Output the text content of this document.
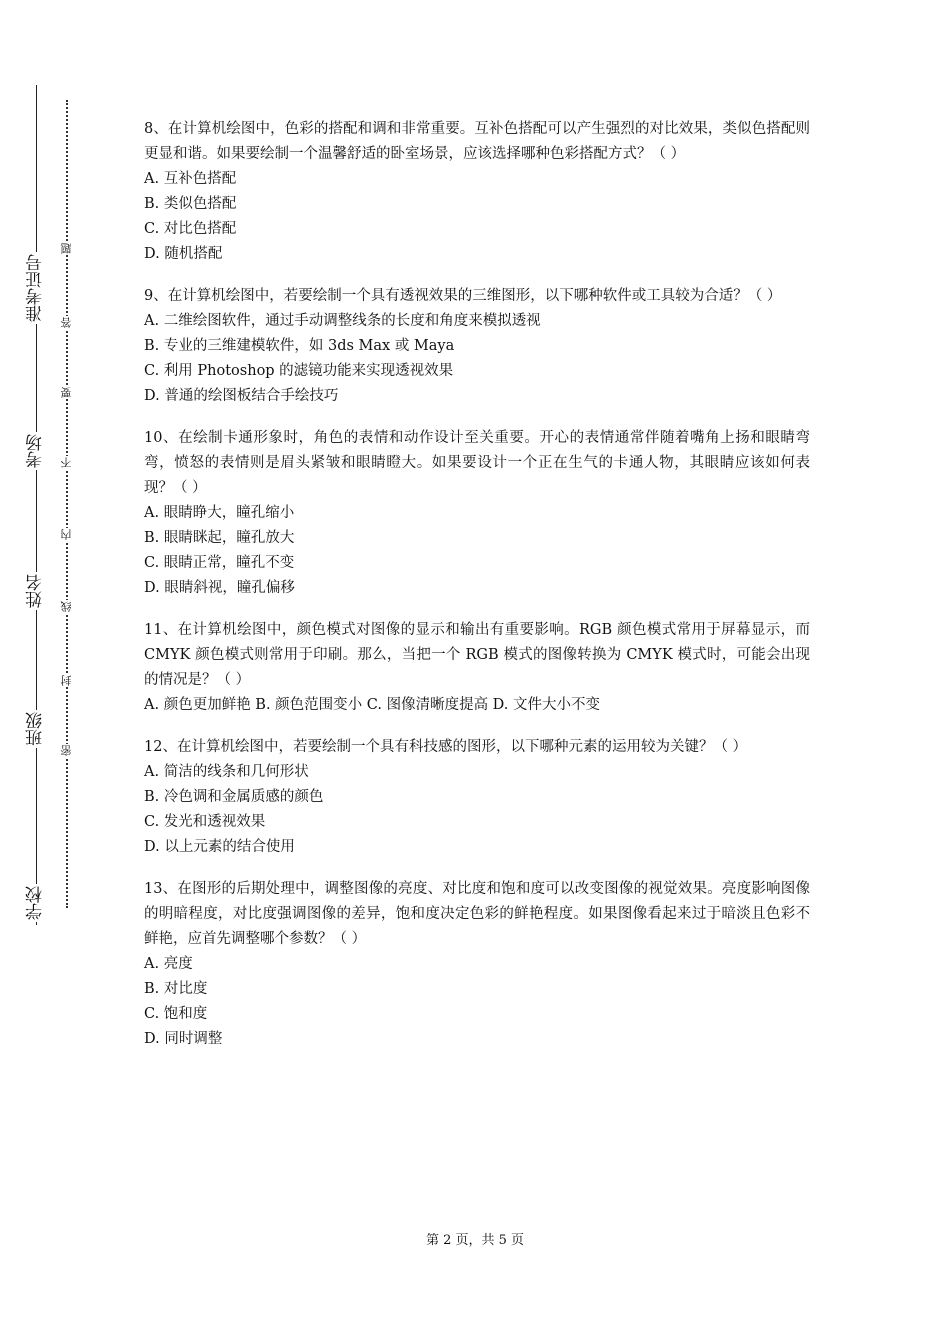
准考证号
考场
姓名
班级
学校
题
答
要
不
内
线
封
密

8、在计算机绘图中，色彩的搭配和调和非常重要。互补色搭配可以产生强烈的对比效果，类似色搭配则更显和谐。如果要绘制一个温馨舒适的卧室场景，应该选择哪种色彩搭配方式？（ ）

A. 互补色搭配

B. 类似色搭配

C. 对比色搭配

D. 随机搭配

9、在计算机绘图中，若要绘制一个具有透视效果的三维图形，以下哪种软件或工具较为合适？（ ）

A. 二维绘图软件，通过手动调整线条的长度和角度来模拟透视

B. 专业的三维建模软件，如 3ds Max 或 Maya

C. 利用 Photoshop 的滤镜功能来实现透视效果

D. 普通的绘图板结合手绘技巧

10、在绘制卡通形象时，角色的表情和动作设计至关重要。开心的表情通常伴随着嘴角上扬和眼睛弯弯，愤怒的表情则是眉头紧皱和眼睛瞪大。如果要设计一个正在生气的卡通人物，其眼睛应该如何表现？（ ）

A. 眼睛睁大，瞳孔缩小

B. 眼睛眯起，瞳孔放大

C. 眼睛正常，瞳孔不变

D. 眼睛斜视，瞳孔偏移

11、在计算机绘图中，颜色模式对图像的显示和输出有重要影响。RGB 颜色模式常用于屏幕显示，而 CMYK 颜色模式则常用于印刷。那么，当把一个 RGB 模式的图像转换为 CMYK 模式时，可能会出现的情况是？（ ）

A. 颜色更加鲜艳 B. 颜色范围变小 C. 图像清晰度提高 D. 文件大小不变

12、在计算机绘图中，若要绘制一个具有科技感的图形，以下哪种元素的运用较为关键？（ ）

A. 简洁的线条和几何形状

B. 冷色调和金属质感的颜色

C. 发光和透视效果

D. 以上元素的结合使用

13、在图形的后期处理中，调整图像的亮度、对比度和饱和度可以改变图像的视觉效果。亮度影响图像的明暗程度，对比度强调图像的差异，饱和度决定色彩的鲜艳程度。如果图像看起来过于暗淡且色彩不鲜艳，应首先调整哪个参数？（ ）

A. 亮度

B. 对比度

C. 饱和度

D. 同时调整

第 2 页，共 5 页
